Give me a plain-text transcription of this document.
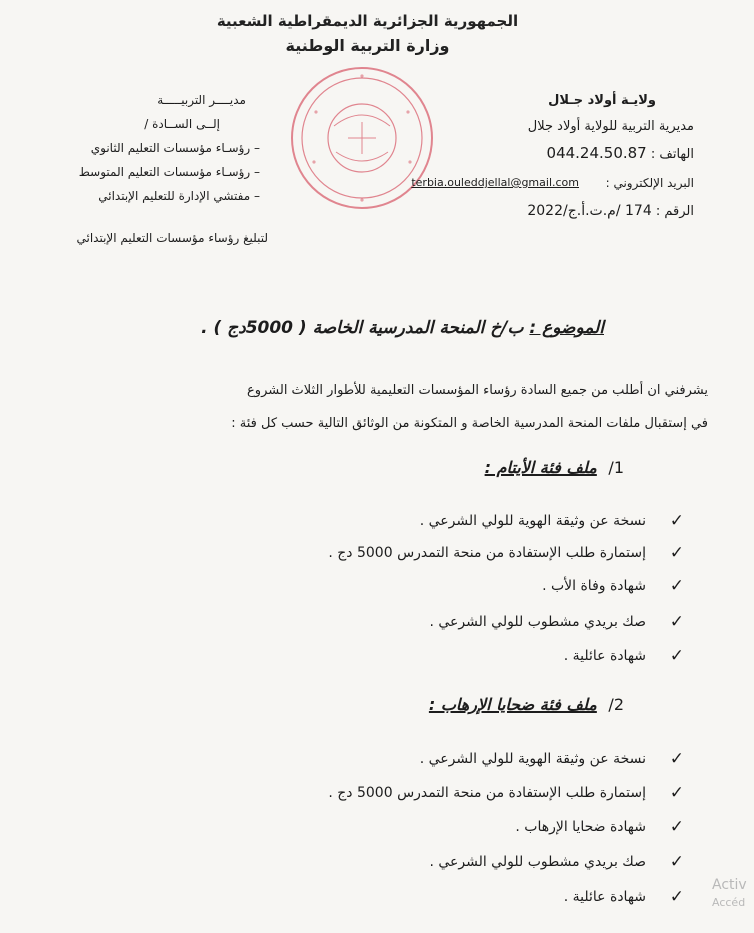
الجمهورية الجزائرية الديمقراطية الشعبية
وزارة التربية الوطنية
ولايـة أولاد جـلال
مديرية التربية للولاية أولاد جلال
الهاتف : 044.24.50.87
البريد الإلكتروني :
terbia.ouleddjellal@gmail.com
الرقم : 174 /م.ت.أ.ج/2022
مديــــر التربيـــــة
إلــى الســادة /
– رؤسـاء مؤسسات التعليم الثانوي
– رؤسـاء مؤسسات التعليم المتوسط
– مفتشي الإدارة للتعليم الإبتدائي
لتبليغ رؤساء مؤسسات التعليم الإبتدائي
الموضوع : ب/خ المنحة المدرسية الخاصة ( 5000دج ) .
يشرفني ان أطلب من جميع السادة رؤساء المؤسسات التعليمية للأطوار الثلاث الشروع
في إستقبال ملفات المنحة المدرسية الخاصة و المتكونة من الوثائق التالية حسب كل فئة :
1/ ملف فئة الأيتام :
✓
نسخة عن وثيقة الهوية للولي الشرعي .
✓
إستمارة طلب الإستفادة من منحة التمدرس 5000 دج .
✓
شهادة وفاة الأب .
✓
صك بريدي مشطوب للولي الشرعي .
✓
شهادة عائلية .
2/ ملف فئة ضحايا الإرهاب :
✓
نسخة عن وثيقة الهوية للولي الشرعي .
✓
إستمارة طلب الإستفادة من منحة التمدرس 5000 دج .
✓
شهادة ضحايا الإرهاب .
✓
صك بريدي مشطوب للولي الشرعي .
✓
شهادة عائلية .
Activ
Accéd
